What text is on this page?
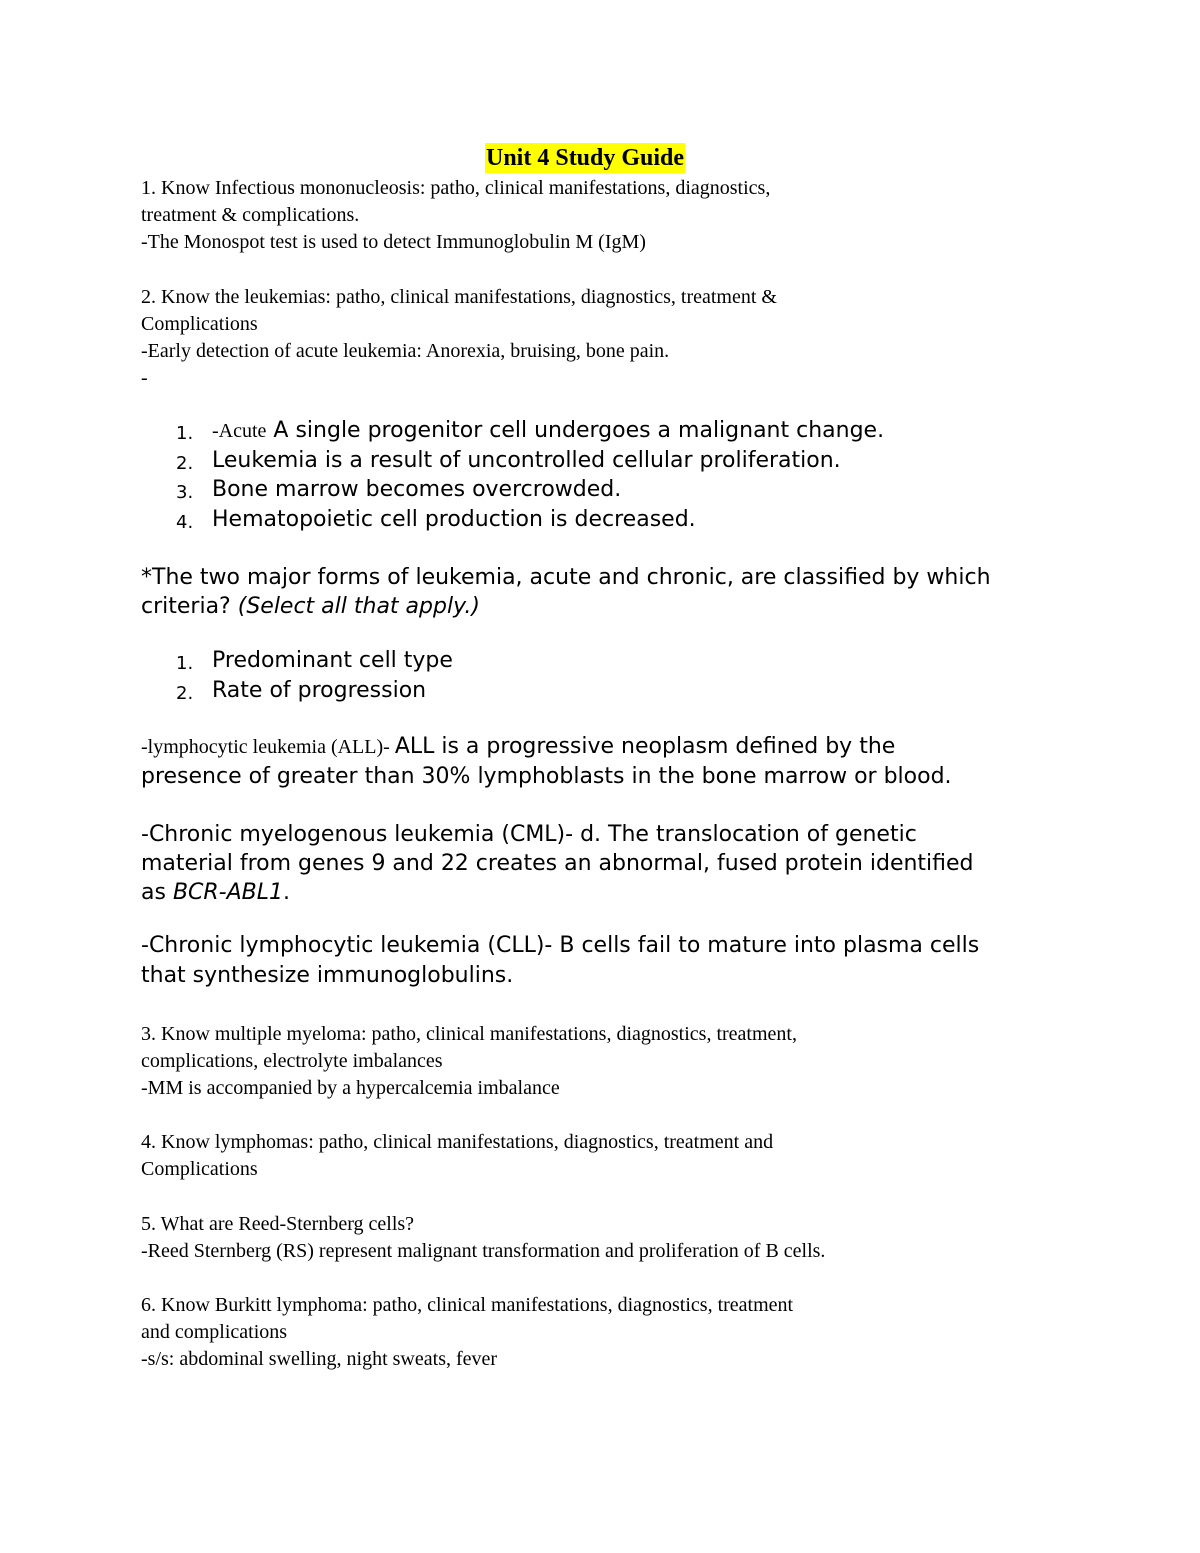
Unit 4 Study Guide
1. Know Infectious mononucleosis: patho, clinical manifestations, diagnostics,
treatment & complications.
-The Monospot test is used to detect Immunoglobulin M (IgM)
2. Know the leukemias: patho, clinical manifestations, diagnostics, treatment &
Complications
-Early detection of acute leukemia: Anorexia, bruising, bone pain.
-
1. -Acute A single progenitor cell undergoes a malignant change.
2. Leukemia is a result of uncontrolled cellular proliferation.
3. Bone marrow becomes overcrowded.
4. Hematopoietic cell production is decreased.
*The two major forms of leukemia, acute and chronic, are classified by which
criteria? (Select all that apply.)
1. Predominant cell type
2. Rate of progression
-lymphocytic leukemia (ALL)- ALL is a progressive neoplasm defined by the
presence of greater than 30% lymphoblasts in the bone marrow or blood.
-Chronic myelogenous leukemia (CML)- d. The translocation of genetic
material from genes 9 and 22 creates an abnormal, fused protein identified
as BCR-ABL1.
-Chronic lymphocytic leukemia (CLL)- B cells fail to mature into plasma cells
that synthesize immunoglobulins.
3. Know multiple myeloma: patho, clinical manifestations, diagnostics, treatment,
complications, electrolyte imbalances
-MM is accompanied by a hypercalcemia imbalance
4. Know lymphomas: patho, clinical manifestations, diagnostics, treatment and
Complications
5. What are Reed-Sternberg cells?
-Reed Sternberg (RS) represent malignant transformation and proliferation of B cells.
6. Know Burkitt lymphoma: patho, clinical manifestations, diagnostics, treatment
and complications
-s/s: abdominal swelling, night sweats, fever
